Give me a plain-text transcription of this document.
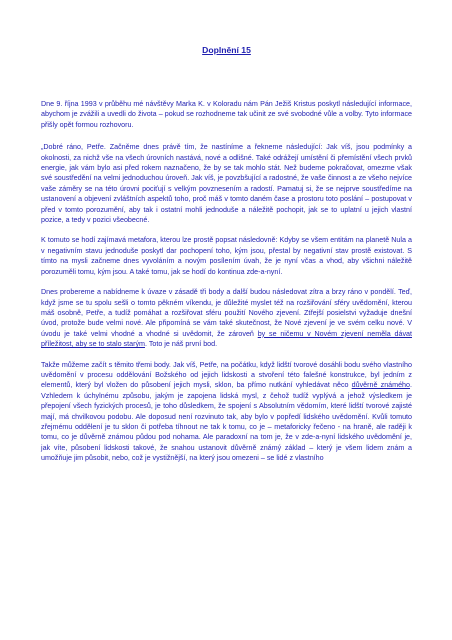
Doplnění 15

Dne 9. října 1993 v průběhu mé návštěvy Marka K. v Koloradu nám Pán Ježiš Kristus poskytl následující informace, abychom je zvážili a uvedli do života – pokud se rozhodneme tak učinit ze své svobodné vůle a volby. Tyto informace přišly opět formou rozhovoru.

„Dobré ráno, Petře. Začněme dnes právě tím, že nastíníme a řekneme následující: Jak víš, jsou podmínky a okolnosti, za nichž vše na všech úrovních nastává, nové a odlišné. Také odrážejí umístění či přemístění všech prvků energie, jak vám bylo asi před rokem naznačeno, že by se tak mohlo stát. Než budeme pokračovat, omezme však své soustředění na velmi jednoduchou úroveň. Jak víš, je povzbšující a radostné, že vaše činnost a ze všeho nejvíce vaše záměry se na této úrovni pociťují s velkým povznesením a radostí. Pamatuj si, že se nejprve soustředíme na ustanovení a objevení zvláštních aspektů toho, proč máš v tomto daném čase a prostoru toto poslání – postupovat v před v tomto porozumění, aby tak i ostatní mohli jednoduše a náležitě pochopit, jak se to uplatní u jejich vlastní pozice, a tedy v pozici všeobecné.

K tomuto se hodí zajímavá metafora, kterou lze prostě popsat následovně: Kdyby se všem entitám na planetě Nula a v negativním stavu jednoduše poskytl dar pochopení toho, kým jsou, přestal by negativní stav prostě existovat. S tímto na mysli začneme dnes vyvoláním a novým posílením úvah, že je nyní včas a vhod, aby všichni náležitě porozuměli tomu, kým jsou. A také tomu, jak se hodí do kontinua zde-a-nyní.

Dnes probereme a nabídneme k úvaze v zásadě tři body a další budou následovat zítra a brzy ráno v pondělí. Teď, když jsme se tu spolu sešli o tomto pěkném víkendu, je důležité myslet též na rozšiřování sféry uvědomění, kterou máš osobně, Petře, a tudíž pomáhat a rozšiřovat sféru použití Nového zjevení. Ztřejší posielstvi vyžaduje dnešní úvod, protože bude velmi nové. Ale připomíná se vám také skutečnost, že Nové zjevení je ve svém celku nové. V úvodu je také velmi vhodné a vhodné si uvědomit, že zároveň by se ničemu v Novém zjevení neměla dávat příležitost, aby se to stalo starým. Toto je náš první bod.

Takže můžeme začít s těmito třemi body. Jak víš, Petře, na počátku, když lidští tvorové dosáhli bodu svého vlastního uvědomění v procesu oddělování Božského od jejich lidskosti a stvoření této falešné konstrukce, byl jedním z elementů, který byl vložen do působení jejich mysli, sklon, ba přímo nutkání vyhledávat něco důvěrně známého. Vzhledem k úchylnému způsobu, jakým je zapojena lidská mysl, z čehož tudíž vyplývá a jehož výsledkem je přepojení všech fyzických procesů, je toho důsledkem, že spojení s Absolutním vědomím, které lidští tvorové zajisté mají, má chvilkovou podobu. Ale doposud není rozvinuto tak, aby bylo v popředí lidského uvědomění. Kvůli tomuto zřejmému oddělení je tu sklon či potřeba tíhnout ne tak k tomu, co je – metaforicky řečeno - na hraně, ale raději k tomu, co je důvěrně známou půdou pod nohama. Ale paradoxní na tom je, že v zde-a-nyní lidského uvědomění je, jak víte, působení lidskosti takové, že snahou ustanovit důvěrně známý základ – který je všem lidem znám a umožňuje jim působit, nebo, což je vystižnější, na který jsou omezeni – se lidé z vlastního
